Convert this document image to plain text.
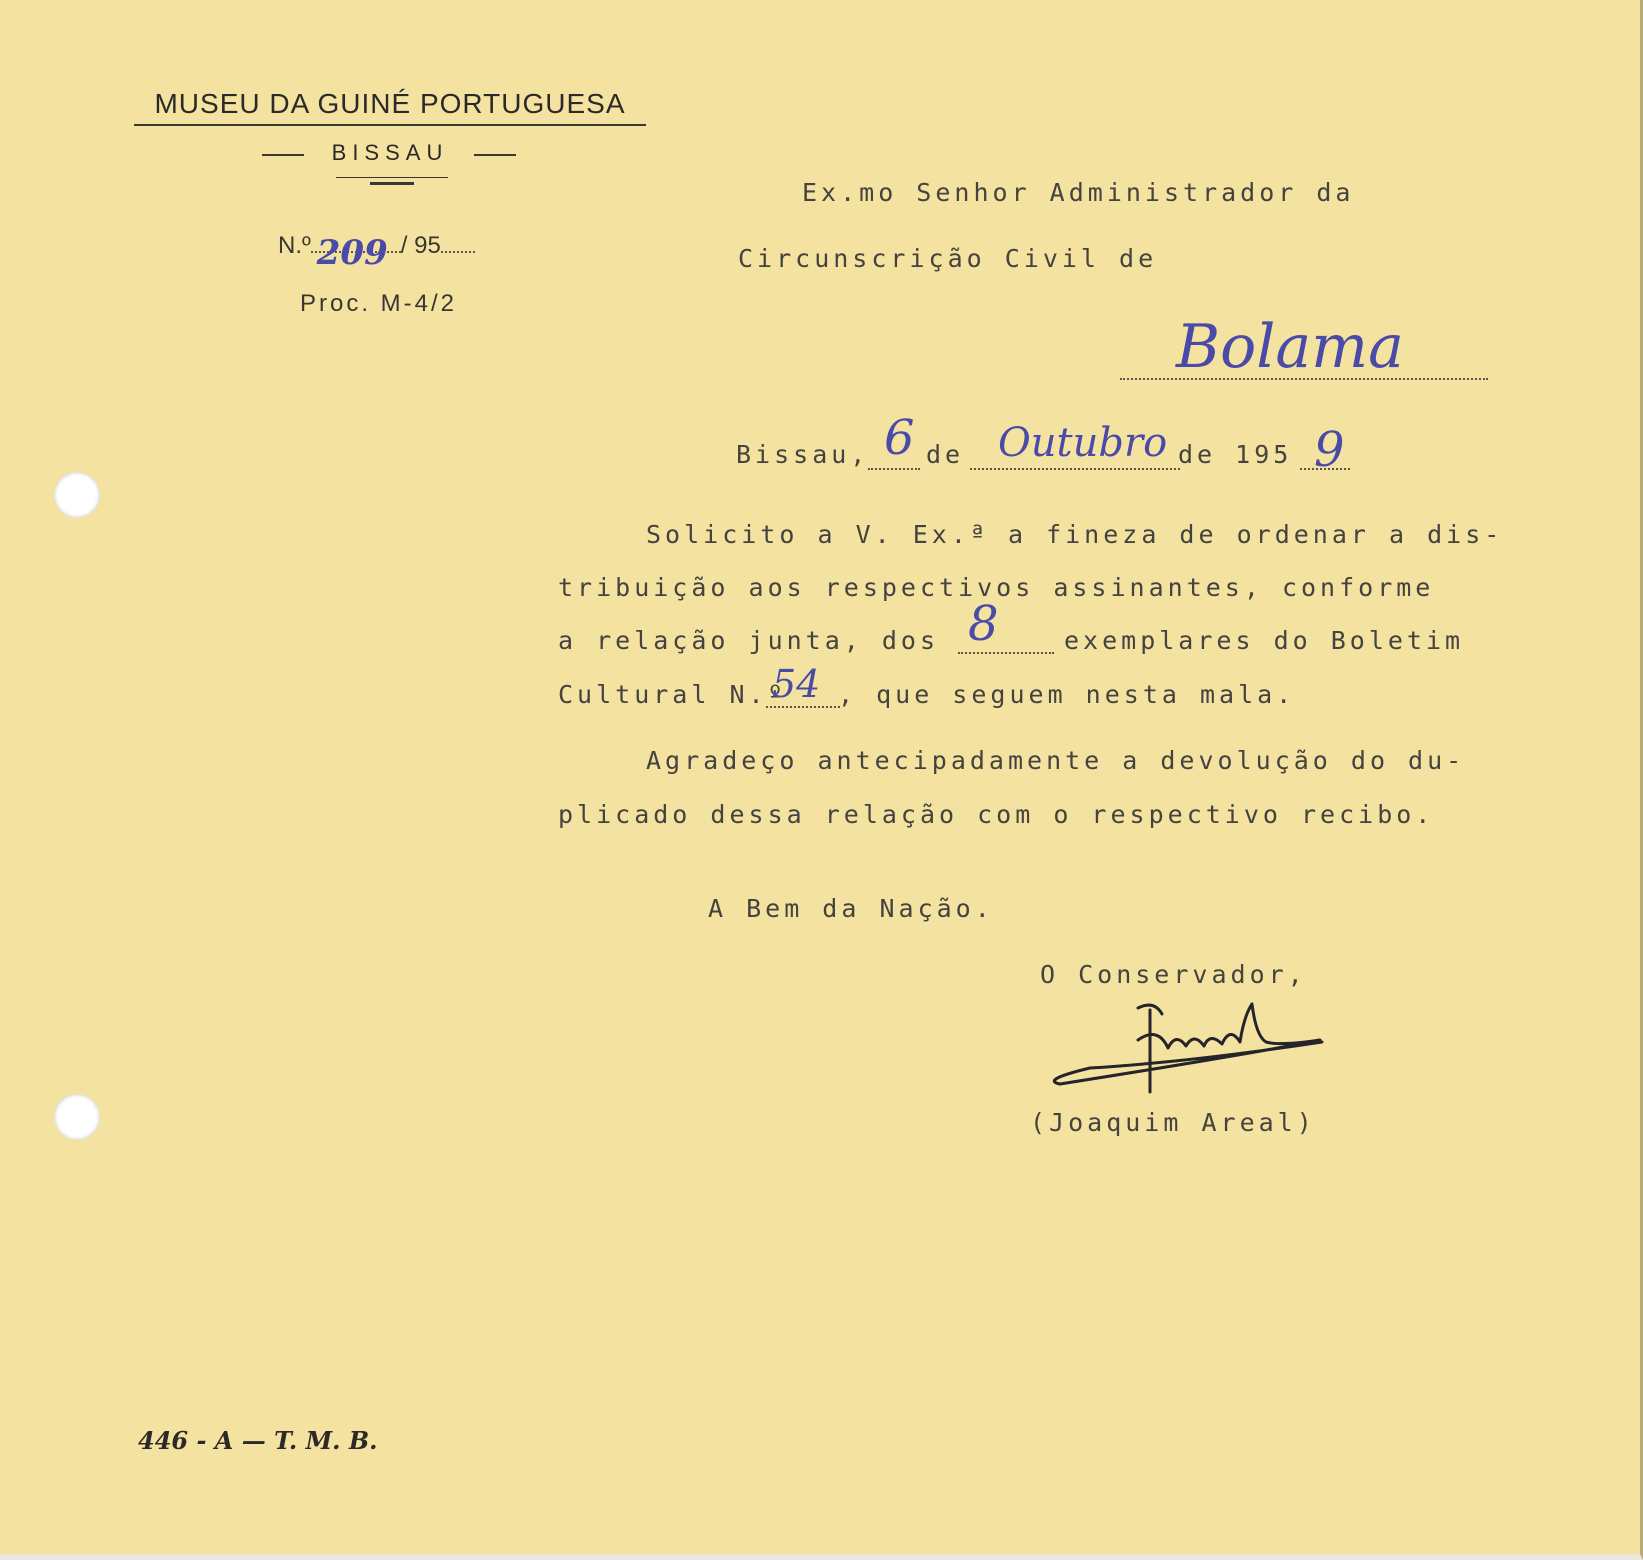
MUSEU DA GUINÉ PORTUGUESA
BISSAU
N.º 209 / 95
Proc. M-4/2
Ex.mo Senhor Administrador da
Circunscrição Civil de
Bolama
Bissau, 6 de Outubro de 195 9
Solicito a V. Ex.ª a fineza de ordenar a dis-
tribuição aos respectivos assinantes, conforme
a relação junta, dos 8	exemplares do Boletim
Cultural N.º
54 , que seguem nesta mala.
Agradeço antecipadamente a devolução do du-
plicado dessa relação com o respectivo recibo.
A Bem da Nação.
O Conservador,
(Joaquim Areal)
446 - A — T. M. B.
